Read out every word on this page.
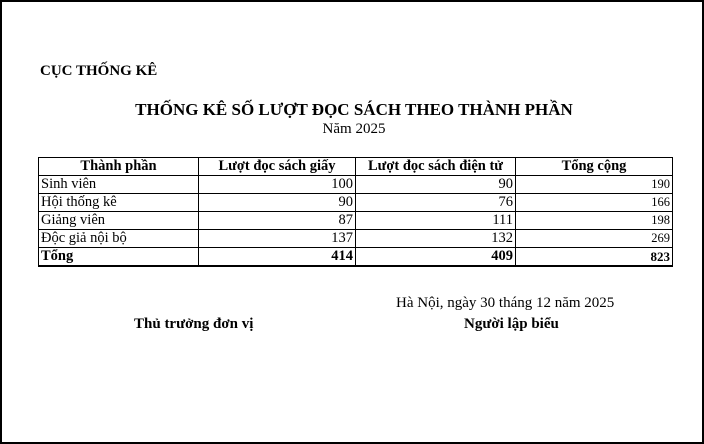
CỤC THỐNG KÊ
THỐNG KÊ SỐ LƯỢT ĐỌC SÁCH THEO THÀNH PHẦN
Năm 2025
Thành phần	Lượt đọc sách giấy	Lượt đọc sách điện tử	Tổng cộng
Sinh viên	100	90	190
Hội thống kê	90	76	166
Giảng viên	87	111	198
Độc giả nội bộ	137	132	269
Tổng	414	409	823
Hà Nội, ngày 30 tháng 12 năm 2025
Thủ trưởng đơn vị	Người lập biểu
